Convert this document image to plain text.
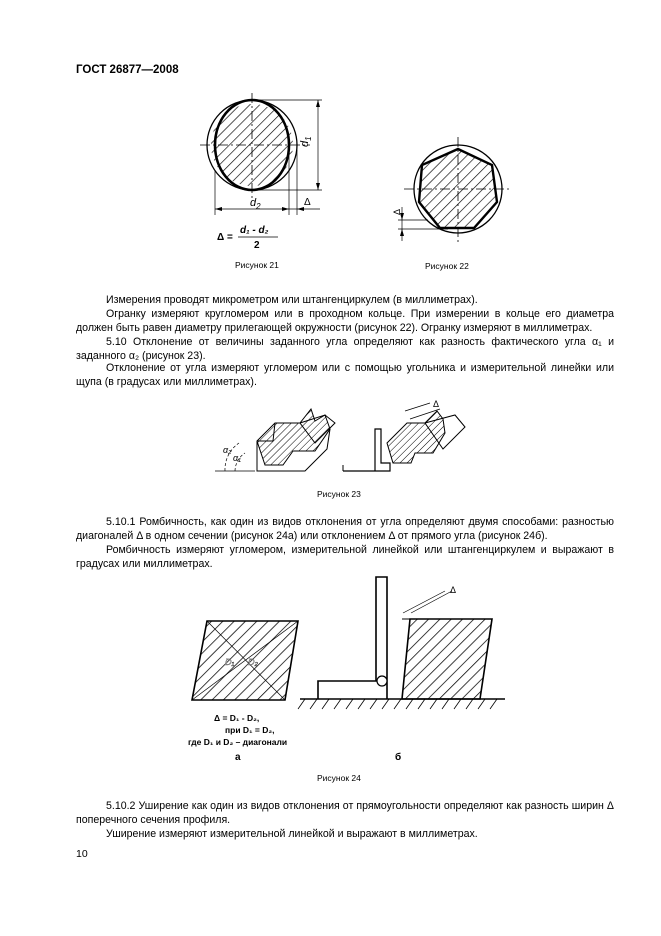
ГОСТ 26877—2008
$d_1$
$d_2$	Δ
Δ =
d₁ - d₂
2
Рисунок 21
Δ
Рисунок 22
Измерения проводят микрометром или штангенциркулем (в миллиметрах).
Огранку измеряют кругломером или в проходном кольце. При измерении в кольце его диаметра должен быть равен диаметру прилегающей окружности (рисунок 22). Огранку измеряют в миллиметрах.
5.10 Отклонение от величины заданного угла определяют как разность фактического угла α₁ и заданного α₂ (рисунок 23).
Отклонение от угла измеряют угломером или с помощью угольника и измерительной линейки или щупа (в градусах или миллиметрах).
α₂
α₁
Δ
Рисунок 23
5.10.1 Ромбичность, как один из видов отклонения от угла определяют двумя способами: разностью диагоналей Δ в одном сечении (рисунок 24а) или отклонением Δ от прямого угла (рисунок 24б).
Ромбичность измеряют угломером, измерительной линейкой или штангенциркулем и выражают в градусах или миллиметрах.
D₁ D₂
Δ = D₁ - D₂,
при D₁ = D₂,
где D₁ и D₂ – диагонали
а
Δ
б
Рисунок 24
5.10.2 Уширение как один из видов отклонения от прямоугольности определяют как разность ширин Δ поперечного сечения профиля.
Уширение измеряют измерительной линейкой и выражают в миллиметрах.
10
